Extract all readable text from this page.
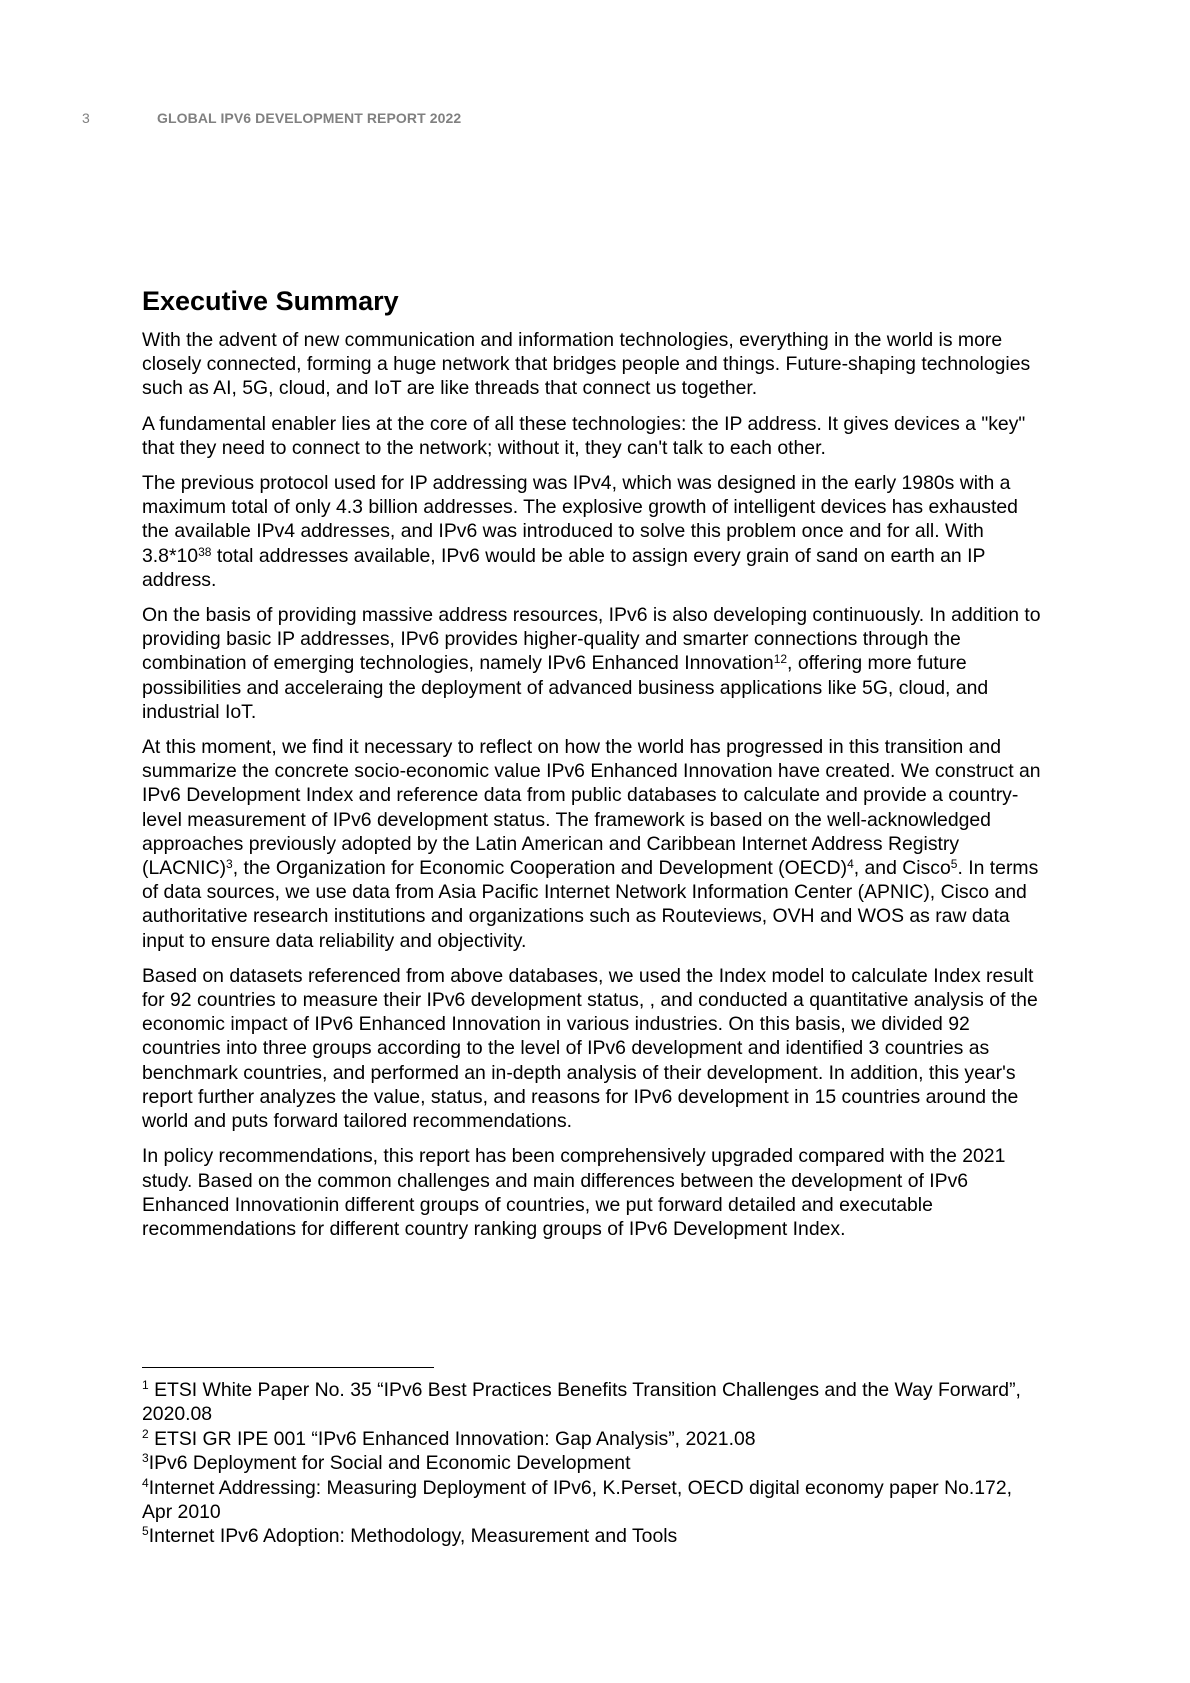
3	GLOBAL IPV6 DEVELOPMENT REPORT 2022
Executive Summary

With the advent of new communication and information technologies, everything in the world is more closely connected, forming a huge network that bridges people and things. Future-shaping technologies such as AI, 5G, cloud, and IoT are like threads that connect us together.

A fundamental enabler lies at the core of all these technologies: the IP address. It gives devices a "key" that they need to connect to the network; without it, they can't talk to each other.

The previous protocol used for IP addressing was IPv4, which was designed in the early 1980s with a maximum total of only 4.3 billion addresses. The explosive growth of intelligent devices has exhausted the available IPv4 addresses, and IPv6 was introduced to solve this problem once and for all. With $3.8*10^{38}$ total addresses available, IPv6 would be able to assign every grain of sand on earth an IP address.

On the basis of providing massive address resources, IPv6 is also developing continuously. In addition to providing basic IP addresses, IPv6 provides higher-quality and smarter connections through the combination of emerging technologies, namely IPv6 Enhanced Innovation$^{12}$, offering more future possibilities and acceleraing the deployment of advanced business applications like 5G, cloud, and industrial IoT.

At this moment, we find it necessary to reflect on how the world has progressed in this transition and summarize the concrete socio-economic value IPv6 Enhanced Innovation have created. We construct an IPv6 Development Index and reference data from public databases to calculate and provide a country-level measurement of IPv6 development status. The framework is based on the well-acknowledged approaches previously adopted by the Latin American and Caribbean Internet Address Registry (LACNIC)$^3$, the Organization for Economic Cooperation and Development (OECD)$^4$, and Cisco$^5$. In terms of data sources, we use data from Asia Pacific Internet Network Information Center (APNIC), Cisco and authoritative research institutions and organizations such as Routeviews, OVH and WOS as raw data input to ensure data reliability and objectivity.

Based on datasets referenced from above databases, we used the Index model to calculate Index result for 92 countries to measure their IPv6 development status, , and conducted a quantitative analysis of the economic impact of IPv6 Enhanced Innovation in various industries. On this basis, we divided 92 countries into three groups according to the level of IPv6 development and identified 3 countries as benchmark countries, and performed an in-depth analysis of their development. In addition, this year's report further analyzes the value, status, and reasons for IPv6 development in 15 countries around the world and puts forward tailored recommendations.

In policy recommendations, this report has been comprehensively upgraded compared with the 2021 study. Based on the common challenges and main differences between the development of IPv6 Enhanced Innovationin different groups of countries, we put forward detailed and executable recommendations for different country ranking groups of IPv6 Development Index.

$^1$ ETSI White Paper No. 35 “IPv6 Best Practices Benefits Transition Challenges and the Way Forward”, 2020.08

$^2$ ETSI GR IPE 001 “IPv6 Enhanced Innovation: Gap Analysis”, 2021.08

$^3$IPv6 Deployment for Social and Economic Development

$^4$Internet Addressing: Measuring Deployment of IPv6, K.Perset, OECD digital economy paper No.172, Apr 2010

$^5$Internet IPv6 Adoption: Methodology, Measurement and Tools
